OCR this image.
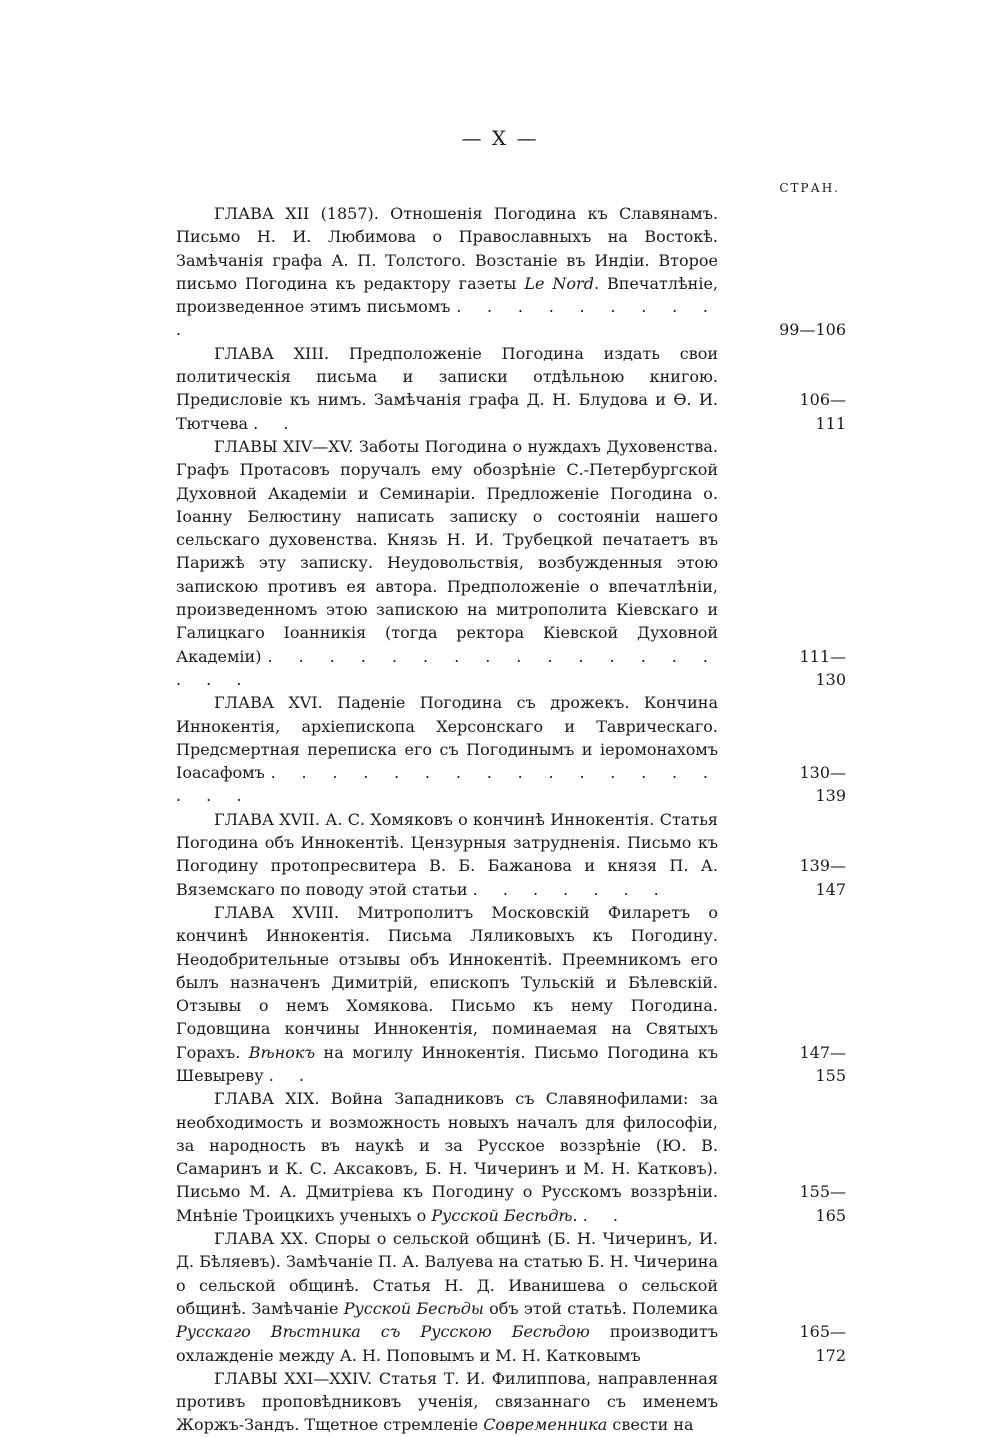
— X —
СТРАН.

ГЛАВА XII (1857). Отношенія Погодина къ Славянамъ. Письмо Н. И. Любимова о Православныхъ на Востокѣ. Замѣчанія графа А. П. Толстого. Возстаніе въ Индіи. Второе письмо Погодина къ редактору газеты Le Nord. Впечатлѣніе, произведенное этимъ письмомъ . . . . . . . . . .	99—106

ГЛАВА XIII. Предположеніе Погодина издать свои политическія письма и записки отдѣльною книгою. Предисловіе къ нимъ. Замѣчанія графа Д. Н. Блудова и Ѳ. И. Тютчева . .
106—111

ГЛАВЫ XIV—XV. Заботы Погодина о нуждахъ Духовенства. Графъ Протасовъ поручалъ ему обозрѣніе С.-Петербургской Духовной Академіи и Семинаріи. Предложеніе Погодина о. Іоанну Белюстину написать записку о состояніи нашего сельскаго духовенства. Князь Н. И. Трубецкой печатаетъ въ Парижѣ эту записку. Неудовольствія, возбужденныя этою запискою противъ ея автора. Предположеніе о впечатлѣніи, произведенномъ этою запискою на митрополита Кіевскаго и Галицкаго Іоанникія (тогда ректора Кіевской Духовной Академіи) . . . . . . . . . . . . . . . . . .
111—130

ГЛАВА XVI. Паденіе Погодина съ дрожекъ. Кончина Иннокентія, архіепископа Херсонскаго и Таврическаго. Предсмертная переписка его съ Погодинымъ и іеромонахомъ Іоасафомъ . . . . . . . . . . . . . . . . . .
130—139

ГЛАВА XVII. А. С. Хомяковъ о кончинѣ Иннокентія. Статья Погодина объ Иннокентіѣ. Цензурныя затрудненія. Письмо къ Погодину протопресвитера В. Б. Бажанова и князя П. А. Вяземскаго по поводу этой статьи . . . . . . .
139—147

ГЛАВА XVIII. Митрополитъ Московскій Филаретъ о кончинѣ Иннокентія. Письма Ляликовыхъ къ Погодину. Неодобрительные отзывы объ Иннокентіѣ. Преемникомъ его былъ назначенъ Димитрій, епископъ Тульскій и Бѣлевскій. Отзывы о немъ Хомякова. Письмо къ нему Погодина. Годовщина кончины Иннокентія, поминаемая на Святыхъ Горахъ. Вѣнокъ на могилу Иннокентія. Письмо Погодина къ Шевыреву . .
147—155

ГЛАВА XIX. Война Западниковъ съ Славянофилами: за необходимость и возможность новыхъ началъ для философіи, за народность въ наукѣ и за Русское воззрѣніе (Ю. В. Самаринъ и К. С. Аксаковъ, Б. Н. Чичеринъ и М. Н. Катковъ). Письмо М. А. Дмитріева къ Погодину о Русскомъ воззрѣніи. Мнѣніе Троицкихъ ученыхъ о Русской Бесѣдѣ. . .
155—165

ГЛАВА XX. Споры о сельской общинѣ (Б. Н. Чичеринъ, И. Д. Бѣляевъ). Замѣчаніе П. А. Валуева на статью Б. Н. Чичерина о сельской общинѣ. Статья Н. Д. Иванишева о сельской общинѣ. Замѣчаніе Русской Бесѣды объ этой статьѣ. Полемика Русскаго Вѣстника съ Русскою Бесѣдою производитъ охлажденіе между А. Н. Поповымъ и М. Н. Катковымъ
165—172

ГЛАВЫ XXI—XXIV. Статья Т. И. Филиппова, направленная противъ проповѣдниковъ ученія, связаннаго съ именемъ Жоржъ-Зандъ. Тщетное стремленіе Современника свести на
